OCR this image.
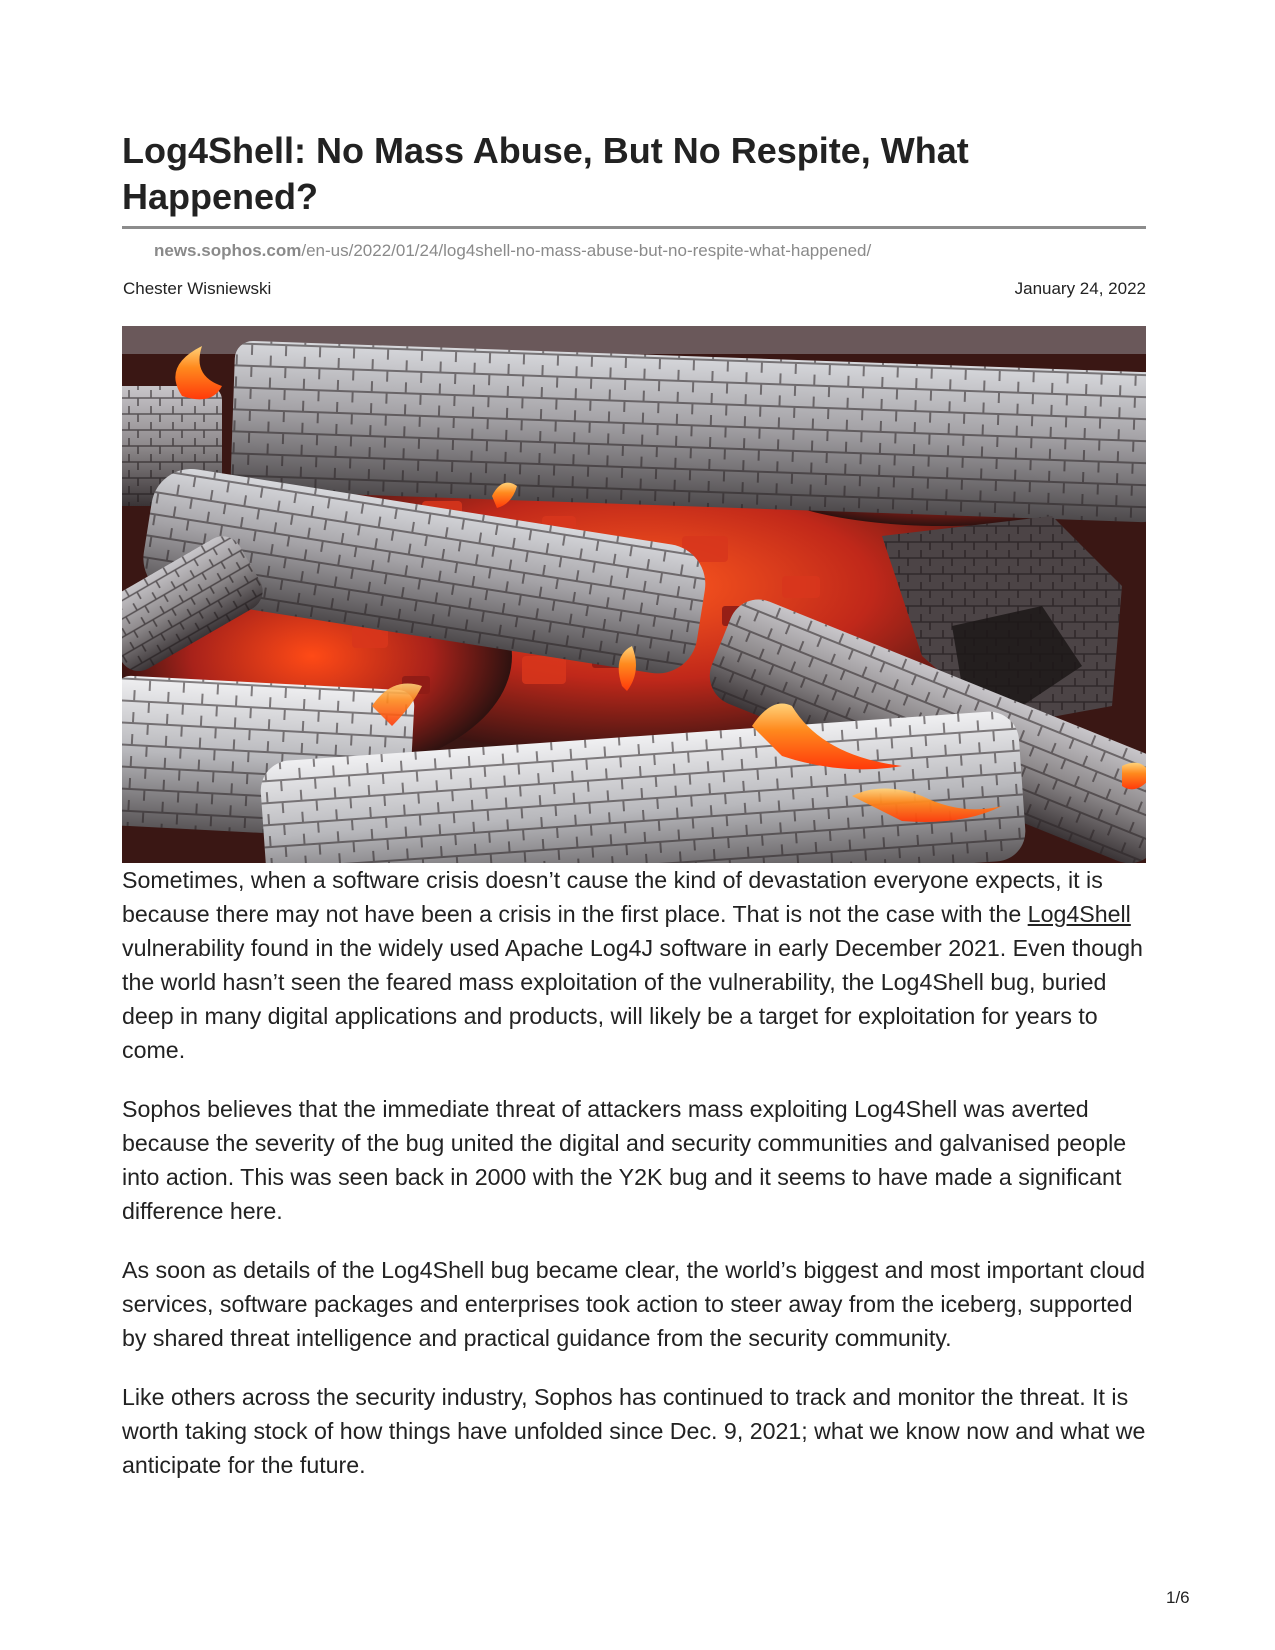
Log4Shell: No Mass Abuse, But No Respite, What Happened?
news.sophos.com/en-us/2022/01/24/log4shell-no-mass-abuse-but-no-respite-what-happened/
Chester Wisniewski	January 24, 2022

Sometimes, when a software crisis doesn’t cause the kind of devastation everyone expects, it is because there may not have been a crisis in the first place. That is not the case with the Log4Shell vulnerability found in the widely used Apache Log4J software in early December 2021. Even though the world hasn’t seen the feared mass exploitation of the vulnerability, the Log4Shell bug, buried deep in many digital applications and products, will likely be a target for exploitation for years to come.

Sophos believes that the immediate threat of attackers mass exploiting Log4Shell was averted because the severity of the bug united the digital and security communities and galvanised people into action. This was seen back in 2000 with the Y2K bug and it seems to have made a significant difference here.

As soon as details of the Log4Shell bug became clear, the world’s biggest and most important cloud services, software packages and enterprises took action to steer away from the iceberg, supported by shared threat intelligence and practical guidance from the security community.

Like others across the security industry, Sophos has continued to track and monitor the threat. It is worth taking stock of how things have unfolded since Dec. 9, 2021; what we know now and what we anticipate for the future.

1/6
